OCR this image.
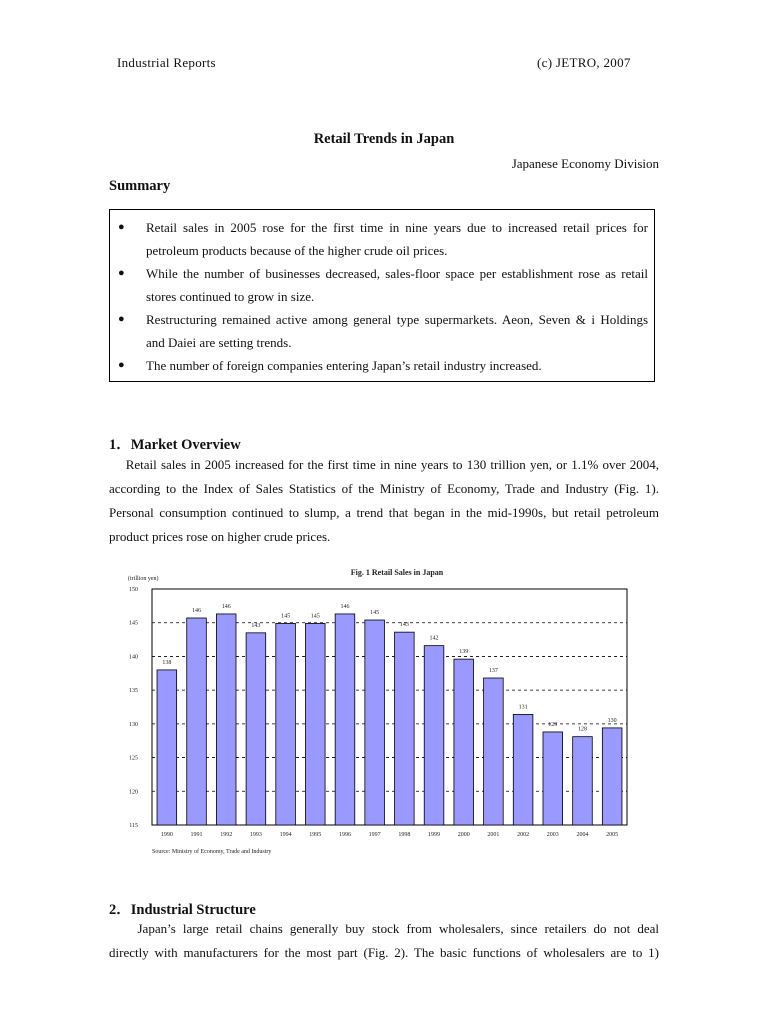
Industrial Reports	(c) JETRO, 2007
Retail Trends in Japan
Japanese Economy Division
Summary
● Retail sales in 2005 rose for the first time in nine years due to increased retail prices for
petroleum products because of the higher crude oil prices.
● While the number of businesses decreased, sales-floor space per establishment rose as retail
stores continued to grow in size.
● Restructuring remained active among general type supermarkets. Aeon, Seven & i Holdings
and Daiei are setting trends.
● The number of foreign companies entering Japan’s retail industry increased.
1．Market Overview
Retail sales in 2005 increased for the first time in nine years to 130 trillion yen, or 1.1% over 2004,
according to the Index of Sales Statistics of the Ministry of Economy, Trade and Industry (Fig. 1).
Personal consumption continued to slump, a trend that began in the mid-1990s, but retail petroleum
product prices rose on higher crude prices.
Fig. 1 Retail Sales in Japan
(trillion yen)
138
146
146
143
145	145
146
145
143
142
139
137
131
129
128
130
115
120
125
130
135
140
145
150
1990	1991	1992	1993	1994	1995	1996	1997	1998	1999	2000	2001	2002	2003	2004	2005
Source: Ministry of Economy, Trade and Industry
2．Industrial Structure
Japan’s large retail chains generally buy stock from wholesalers, since retailers do not deal
directly with manufacturers for the most part (Fig. 2). The basic functions of wholesalers are to 1)
